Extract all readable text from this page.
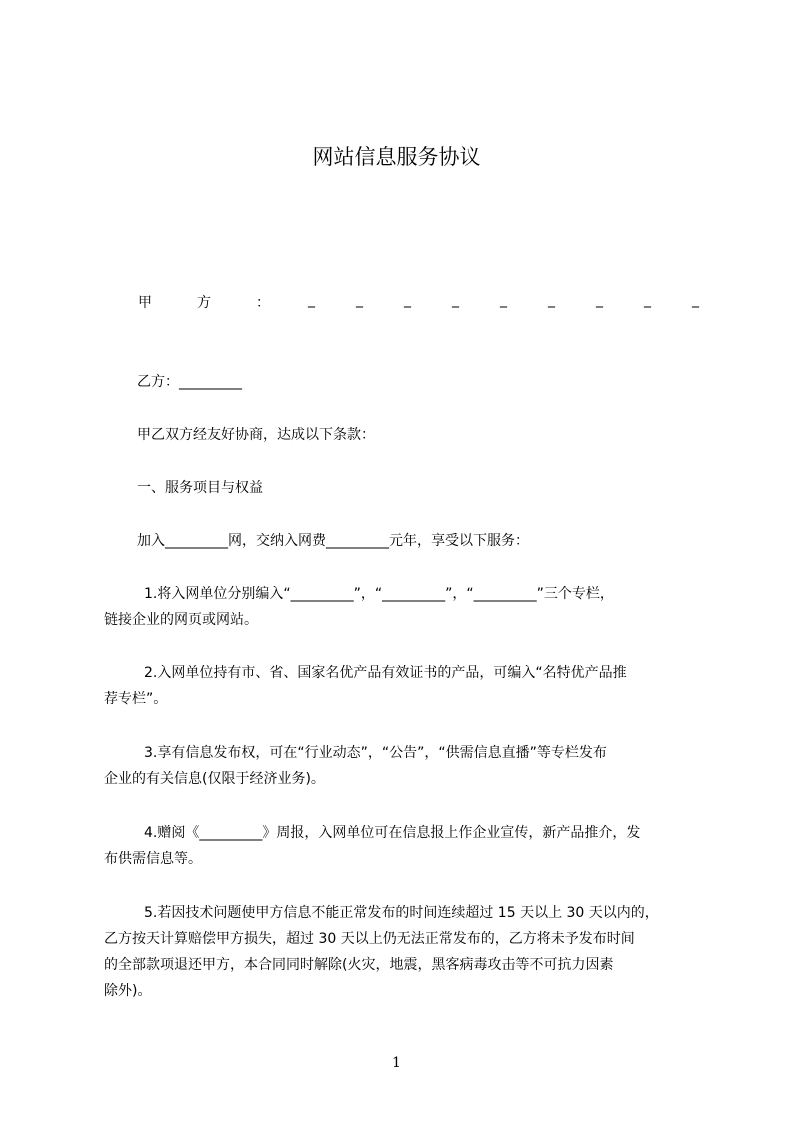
网站信息服务协议
甲	方	：	_	_	_	_	_	_	_	_	_
乙方：_________
甲乙双方经友好协商，达成以下条款：
一、服务项目与权益
加入_________网，交纳入网费_________元年，享受以下服务：
1.将入网单位分别编入“_________”，“_________”，“_________”三个专栏，
链接企业的网页或网站。
2.入网单位持有市、省、国家名优产品有效证书的产品，可编入“名特优产品推
荐专栏”。
3.享有信息发布权，可在“行业动态”，“公告”，“供需信息直播”等专栏发布
企业的有关信息(仅限于经济业务)。
4.赠阅《_________》周报，入网单位可在信息报上作企业宣传，新产品推介，发
布供需信息等。
5.若因技术问题使甲方信息不能正常发布的时间连续超过 15 天以上 30 天以内的，
乙方按天计算赔偿甲方损失，超过 30 天以上仍无法正常发布的，乙方将未予发布时间
的全部款项退还甲方，本合同同时解除(火灾，地震，黑客病毒攻击等不可抗力因素
除外)。
1
